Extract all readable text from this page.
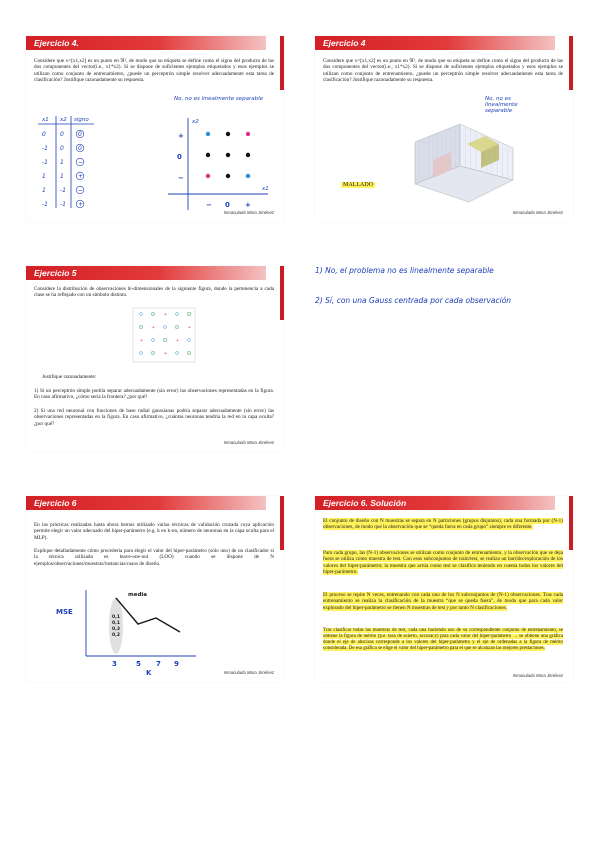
Ejercicio 4.
Considere que x=[x1,x2] es un punto en ℜ², de modo que su etiqueta se define como el signo del producto de las dos componentes del vector(i.e., x1*x2). Si se dispone de suficientes ejemplos etiquetados y esos ejemplos se utilizan como conjunto de entrenamiento, ¿puede un perceptrón simple resolver adecuadamente esta tarea de clasificación? Justifique razonadamente su respuesta.
No, no es linealmente separable
x1 x2 signo
0 0 0
-1 0 0
-1 1 −
1 1 +
1 -1 −
-1 -1 +
x2
x1
+
0
−
− 0 +
Inmaculada Mora Jiménez
Ejercicio 4
Considere que x=[x1,x2] es un punto en ℜ², de modo que su etiqueta se define como el signo del producto de las dos componentes del vector(i.e., x1*x2). Si se dispone de suficientes ejemplos etiquetados y esos ejemplos se utilizan como conjunto de entrenamiento, ¿puede un perceptrón simple resolver adecuadamente esta tarea de clasificación? Justifique razonadamente su respuesta.
No, no es linealmente separable
MALLADO
Inmaculada Mora Jiménez
Ejercicio 5
Considere la distribución de observaciones bi-dimensionales de la siguiente figura, donde la pertenencia a cada clase se ha reflejado con un símbolo distinto.
+
+	+
+	+
+
Justifique razonadamente:
1) Si un perceptrón simple podría separar adecuadamente (sin error) las observaciones representadas en la figura. En caso afirmativo, ¿cómo sería la frontera? ¿por qué?
2) Si una red neuronal con funciones de base radial gaussianas podría separar adecuadamente (sin error) las observaciones representadas en la figura. En caso afirmativo, ¿cuántas neuronas tendría la red en la capa oculta? ¿por qué?
Inmaculada Mora Jiménez
1) No, el problema no es linealmente separable
2) Sí, con una Gauss centrada por cada observación
Ejercicio 6
En las prácticas realizadas hasta ahora hemos utilizado varias técnicas de validación cruzada cuya aplicación permite elegir un valor adecuado del hiper-parámetro (e.g. k en k-nn, número de neuronas en la capa oculta para el MLP).
Explique detalladamente cómo procedería para elegir el valor del hiper-parámetro (sólo uno) de un clasificador si la técnica utilizada es leave-one-out (LOO) cuando se dispone de N ejemplos/observaciones/muestras/instancias/casos de diseño.
MSE
media
0,1
0,1
0,3
0,2
3	5 7 9
K	Inmaculada Mora Jiménez
Ejercicio 6. Solución
El conjunto de diseño con N muestras se separa en N particiones (grupos disjuntos), cada una formada por (N-1) observaciones, de modo que la observación que se “queda fuera en cada grupo” siempre es diferente.
Para cada grupo, las (N-1) observaciones se utilizan como conjunto de entrenamiento, y la observación que se deja fuera se utiliza como muestra de test. Con esos subconjuntos de train/test, se realiza un barrido/exploración de los valores del hiper-parámetro; la muestra que actúa como test se clasifica teniendo en cuenta todos los valores del hiper-parámetro.
El proceso se repite N veces, entrenando con cada uno de los N subconjuntos de (N-1) observaciones. Tras cada entrenamiento se realiza la clasificación de la muestra “que se queda fuera”, de modo que para cada valor explorado del hiper-parámetro se tienen N muestras de test y por tanto N clasificaciones.
Tras clasificar todas las muestras de test, cada una haciendo uso de su correspondiente conjunto de entrenamiento, se obtiene la figura de mérito (p.e. tasa de acierto, accuracy) para cada valor del hiper-parámetro → se obtiene una gráfica donde el eje de abscisas corresponde a los valores del hiper-parámetro y el eje de ordenadas a la figura de mérito considerada. De esa gráfica se elige el valor del hiper-parámetro para el que se alcanzan las mejores prestaciones.
Inmaculada Mora Jiménez
